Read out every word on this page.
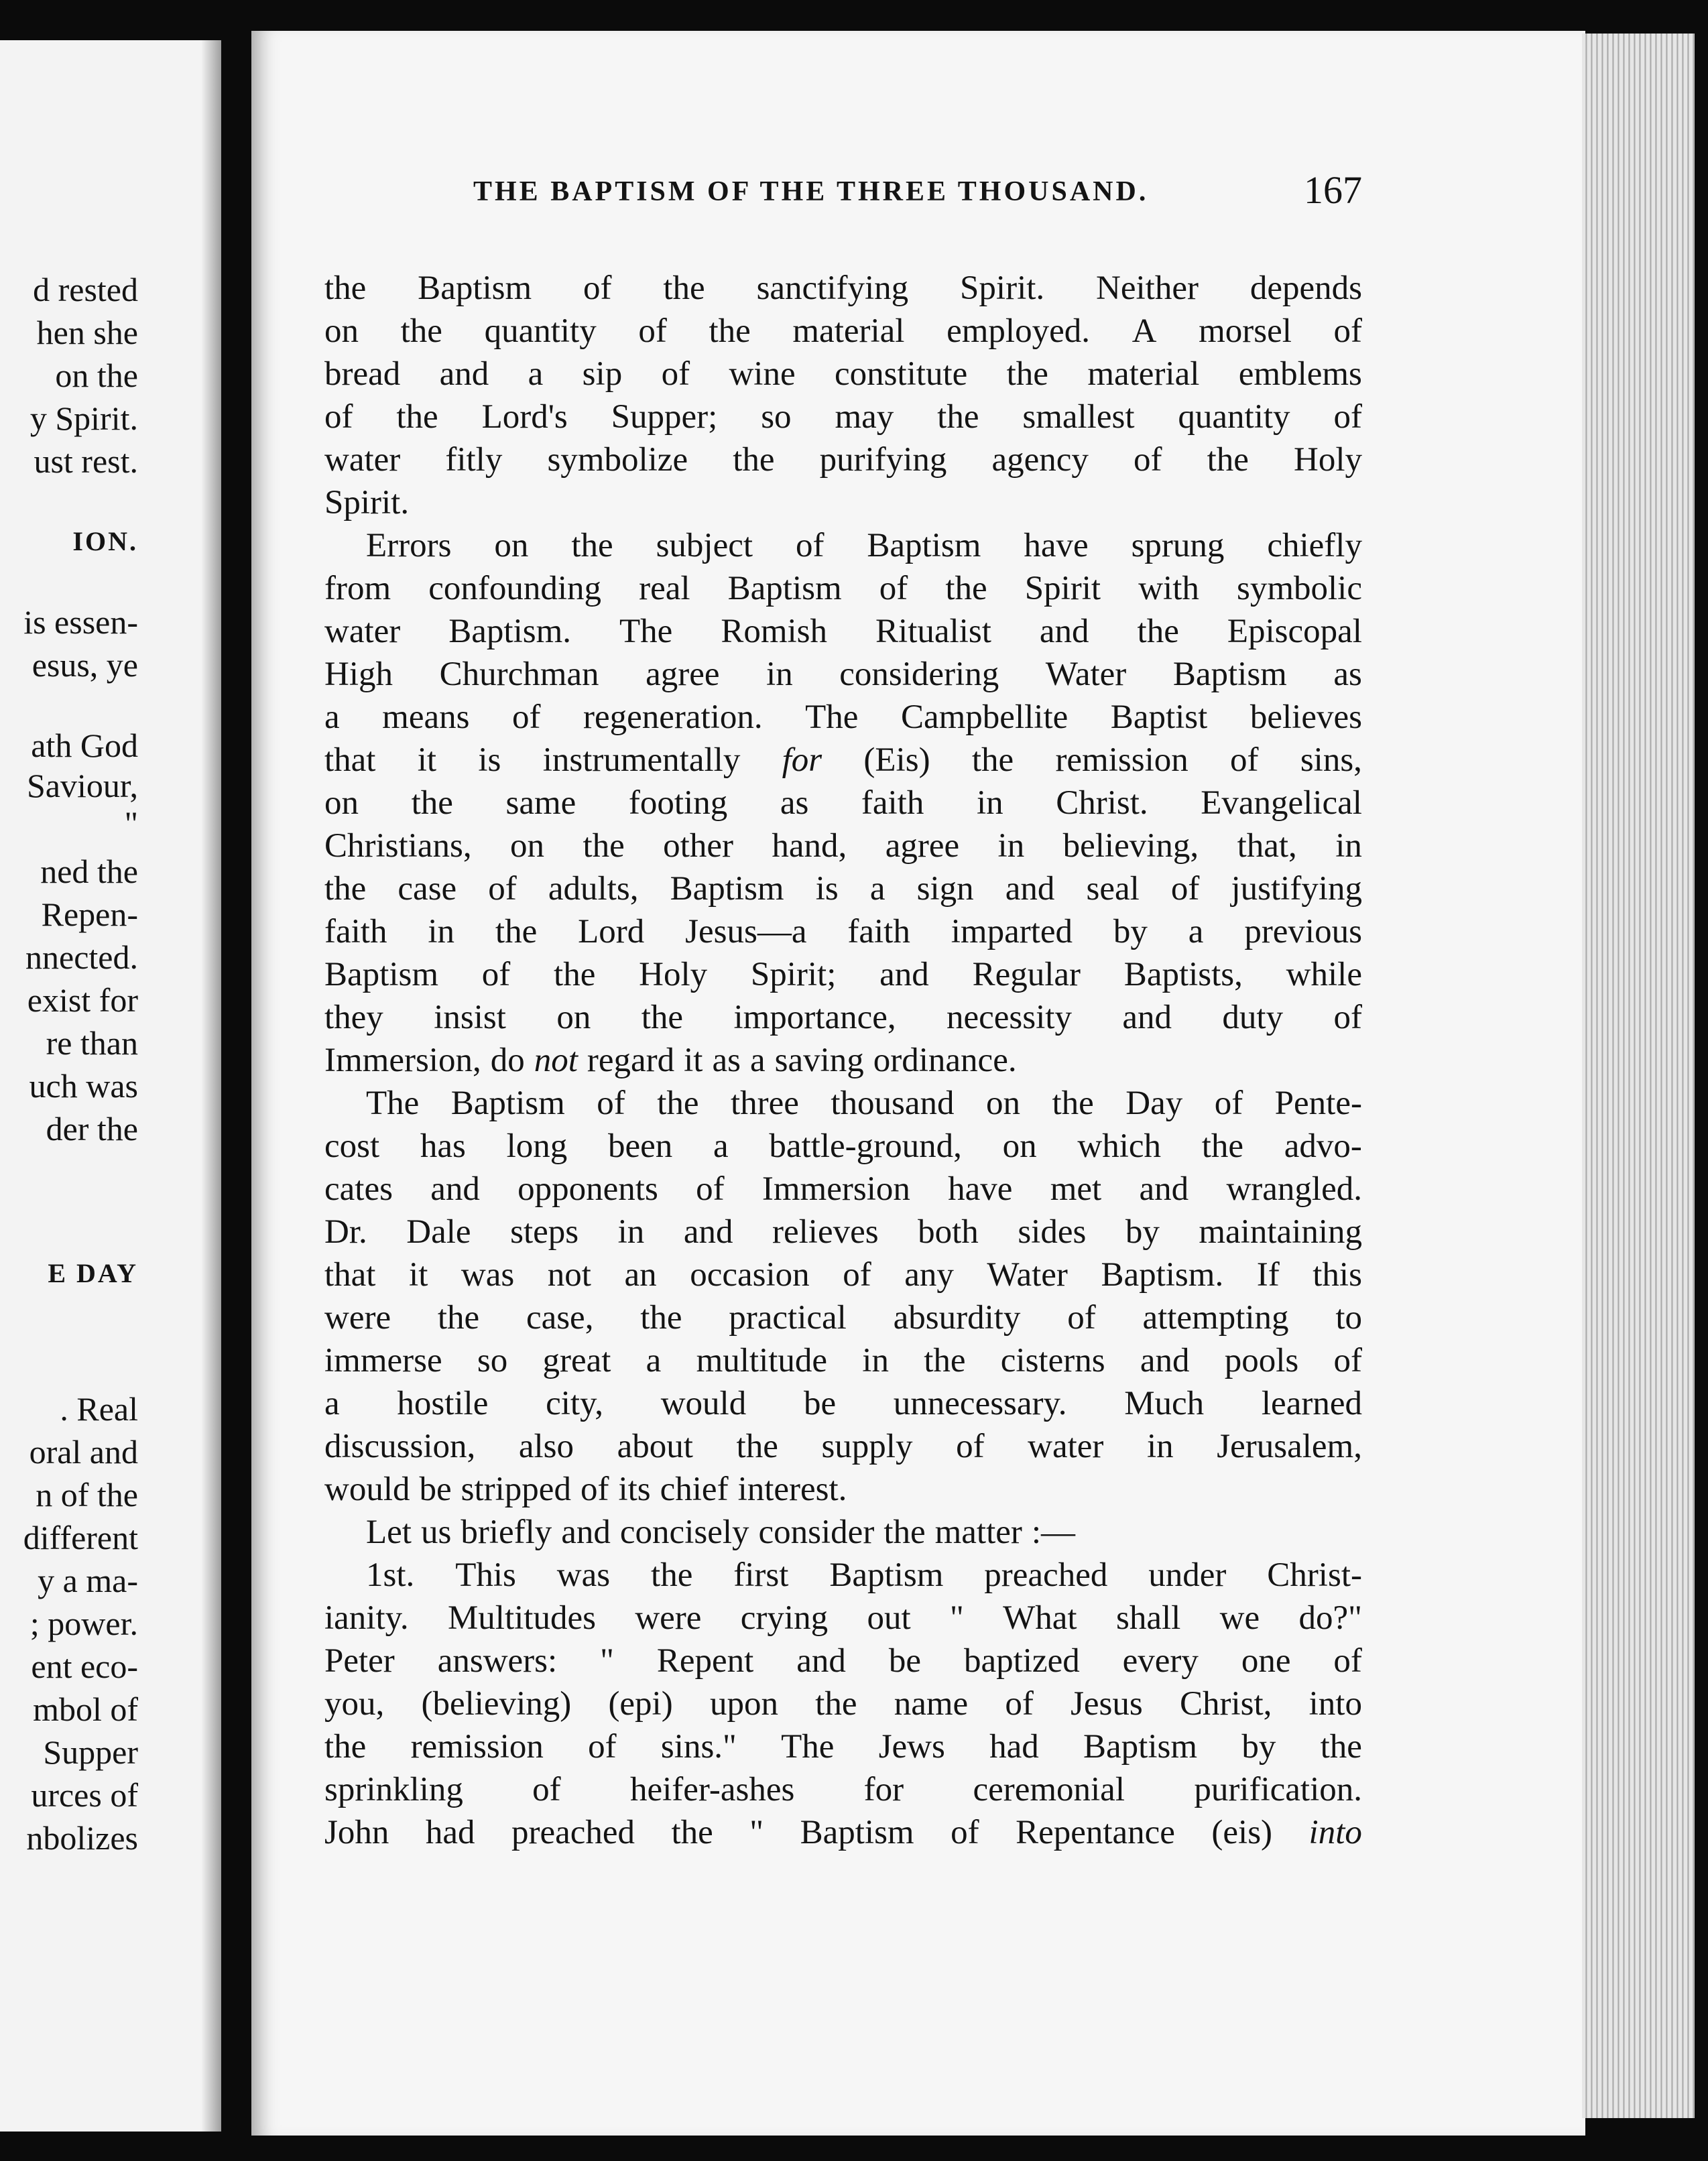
d rested
hen she
on the
y Spirit.
ust rest.
ION.
is essen-
esus, ye
ath God
Saviour,
"
ned the
Repen-
nnected.
exist for
re than
uch was
der the
E DAY
. Real
oral and
n of the
different
y a ma-
; power.
ent eco-
mbol of
Supper
urces of
nbolizes
THE BAPTISM OF THE THREE THOUSAND.	167
the Baptism of the sanctifying Spirit. Neither depends
on the quantity of the material employed. A morsel of
bread and a sip of wine constitute the material emblems
of the Lord's Supper; so may the smallest quantity of
water fitly symbolize the purifying agency of the Holy
Spirit.
Errors on the subject of Baptism have sprung chiefly
from confounding real Baptism of the Spirit with symbolic
water Baptism. The Romish Ritualist and the Episcopal
High Churchman agree in considering Water Baptism as
a means of regeneration. The Campbellite Baptist believes
that it is instrumentally for (Eis) the remission of sins,
on the same footing as faith in Christ. Evangelical
Christians, on the other hand, agree in believing, that, in
the case of adults, Baptism is a sign and seal of justifying
faith in the Lord Jesus—a faith imparted by a previous
Baptism of the Holy Spirit; and Regular Baptists, while
they insist on the importance, necessity and duty of
Immersion, do not regard it as a saving ordinance.
The Baptism of the three thousand on the Day of Pente-
cost has long been a battle-ground, on which the advo-
cates and opponents of Immersion have met and wrangled.
Dr. Dale steps in and relieves both sides by maintaining
that it was not an occasion of any Water Baptism. If this
were the case, the practical absurdity of attempting to
immerse so great a multitude in the cisterns and pools of
a hostile city, would be unnecessary. Much learned
discussion, also about the supply of water in Jerusalem,
would be stripped of its chief interest.
Let us briefly and concisely consider the matter :—
1st. This was the first Baptism preached under Christ-
ianity. Multitudes were crying out " What shall we do?"
Peter answers: " Repent and be baptized every one of
you, (believing) (epi) upon the name of Jesus Christ, into
the remission of sins." The Jews had Baptism by the
sprinkling of heifer-ashes for ceremonial purification.
John had preached the " Baptism of Repentance (eis) into
